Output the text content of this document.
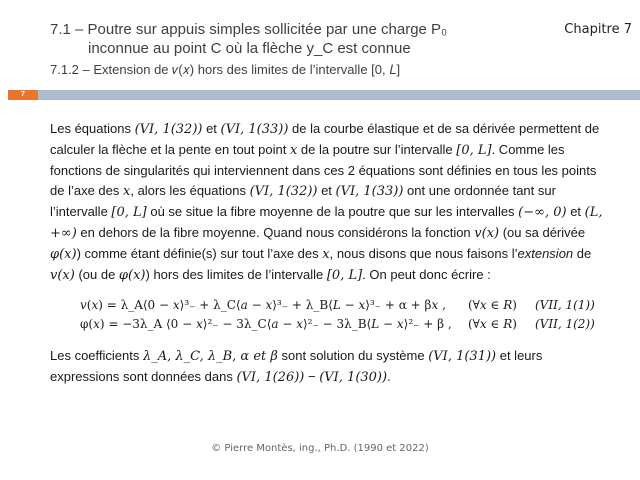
7.1 – Poutre sur appuis simples sollicitée par une charge P₀
inconnue au point C où la flèche y_C est connue
7.1.2 – Extension de 𝑣(𝑥) hors des limites de l’intervalle [0, 𝐿]
Chapitre 7
7

Les équations (𝑉𝐼, 1(32)) et (𝑉𝐼, 1(33)) de la courbe élastique et de sa dérivée permettent de calculer la flèche et la pente en tout point 𝑥 de la poutre sur l’intervalle [0, 𝐿]. Comme les fonctions de singularités qui interviennent dans ces 2 équations sont définies en tous les points de l’axe des 𝑥, alors les équations (𝑉𝐼, 1(32)) et (𝑉𝐼, 1(33)) ont une ordonnée tant sur l’intervalle [0, 𝐿] où se situe la fibre moyenne de la poutre que sur les intervalles (−∞, 0) et (𝐿, +∞) en dehors de la fibre moyenne. Quand nous considérons la fonction 𝑣(𝑥) (ou sa dérivée 𝜑(𝑥)) comme étant définie(s) sur tout l’axe des 𝑥, nous disons que nous faisons l’extension de 𝑣(𝑥) (ou de 𝜑(𝑥)) hors des limites de l’intervalle [0, 𝐿]. On peut donc écrire :

𝑣(𝑥) = λ_A⟨0 − 𝑥⟩³₋ + λ_C⟨𝑎 − 𝑥⟩³₋ + λ_B⟨𝐿 − 𝑥⟩³₋ + α + β𝑥 , (∀𝑥 ∈ 𝑅) (𝑉𝐼𝐼, 1(1))
φ(𝑥) = −3λ_A ⟨0 − 𝑥⟩²₋ − 3λ_C⟨𝑎 − 𝑥⟩²₋ − 3λ_B⟨𝐿 − 𝑥⟩²₋ + β , (∀𝑥 ∈ 𝑅) (𝑉𝐼𝐼, 1(2))

Les coefficients λ_A, λ_C, λ_B, α et β sont solution du système (𝑉𝐼, 1(31)) et leurs expressions sont données dans (𝑉𝐼, 1(26)) − (𝑉𝐼, 1(30)).

© Pierre Montès, ing., Ph.D. (1990 et 2022)
